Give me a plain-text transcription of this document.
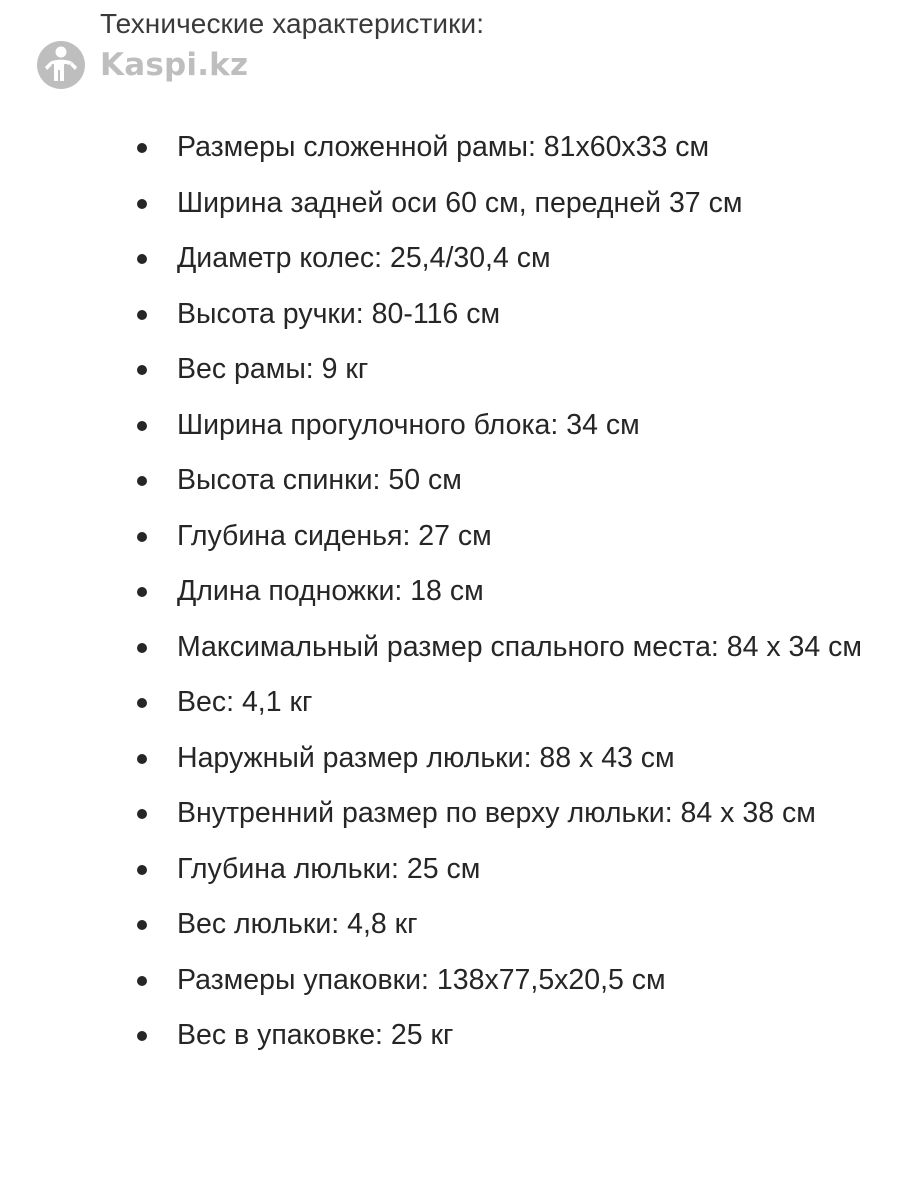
Технические характеристики:
Kaspi.kz
Размеры сложенной рамы: 81х60х33 см
Ширина задней оси 60 см, передней 37 см
Диаметр колес: 25,4/30,4 см
Высота ручки: 80-116 см
Вес рамы: 9 кг
Ширина прогулочного блока: 34 см
Высота спинки: 50 см
Глубина сиденья: 27 см
Длина подножки: 18 см
Максимальный размер спального места: 84 х 34 см
Вес: 4,1 кг
Наружный размер люльки: 88 х 43 см
Внутренний размер по верху люльки: 84 х 38 см
Глубина люльки: 25 см
Вес люльки: 4,8 кг
Размеры упаковки: 138х77,5х20,5 см
Вес в упаковке: 25 кг
